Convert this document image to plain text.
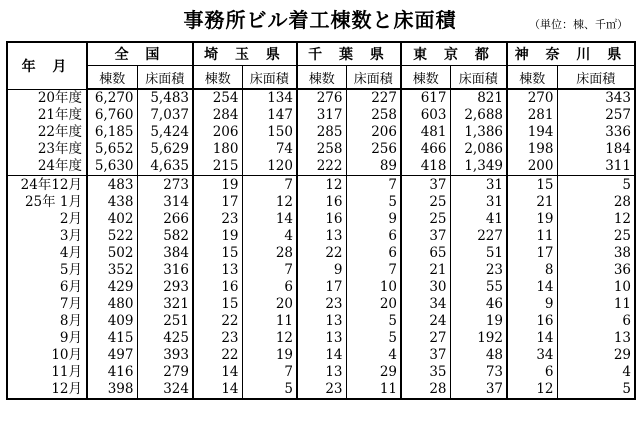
事務所ビル着工棟数と床面積	（単位：棟、千㎡）
年 月	全 国		埼 玉 県		千 葉 県		東 京 都		神 奈 川 県	
	棟数	床面積	棟数	床面積	棟数	床面積	棟数	床面積	棟数	床面積
20年度	6,270	5,483	254	134	276	227	617	821	270	343
21年度	6,760	7,037	284	147	317	258	603	2,688	281	257
22年度	6,185	5,424	206	150	285	206	481	1,386	194	336
23年度	5,652	5,629	180	74	258	256	466	2,086	198	184
24年度	5,630	4,635	215	120	222	89	418	1,349	200	311
24年12月	483	273	19	7	12	7	37	31	15	5
25年 1月	438	314	17	12	16	5	25	31	21	28
2月	402	266	23	14	16	9	25	41	19	12
3月	522	582	19	4	13	6	37	227	11	25
4月	502	384	15	28	22	6	65	51	17	38
5月	352	316	13	7	9	7	21	23	8	36
6月	429	293	16	6	17	10	30	55	14	10
7月	480	321	15	20	23	20	34	46	9	11
8月	409	251	22	11	13	5	24	19	16	6
9月	415	425	23	12	13	5	27	192	14	13
10月	497	393	22	19	14	4	37	48	34	29
11月	416	279	14	7	13	29	35	73	6	4
12月	398	324	14	5	23	11	28	37	12	5
